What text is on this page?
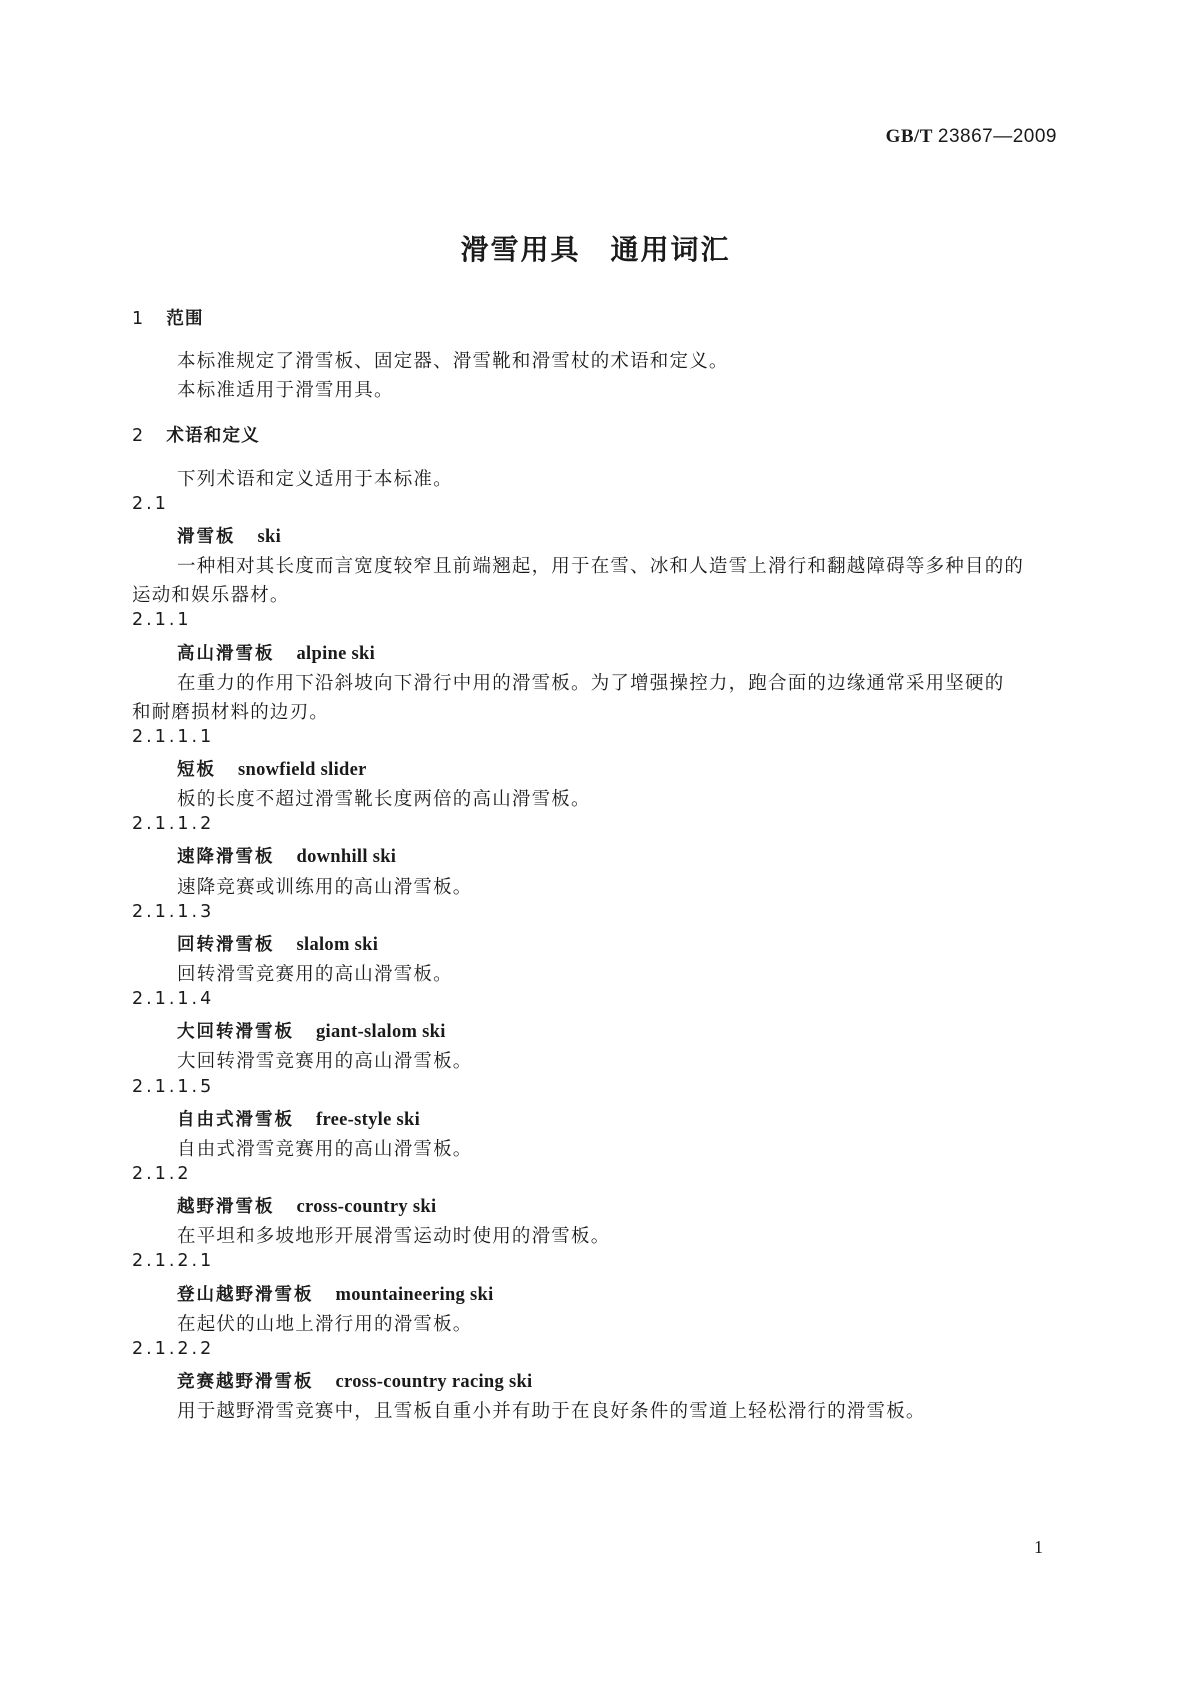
GB/T 23867—2009
滑雪用具　通用词汇
1 范围
本标准规定了滑雪板、固定器、滑雪靴和滑雪杖的术语和定义。
本标准适用于滑雪用具。
2 术语和定义
下列术语和定义适用于本标准。
2.1
滑雪板 ski
一种相对其长度而言宽度较窄且前端翘起，用于在雪、冰和人造雪上滑行和翻越障碍等多种目的的
运动和娱乐器材。
2.1.1
高山滑雪板 alpine ski
在重力的作用下沿斜坡向下滑行中用的滑雪板。为了增强操控力，跑合面的边缘通常采用坚硬的
和耐磨损材料的边刃。
2.1.1.1
短板 snowfield slider
板的长度不超过滑雪靴长度两倍的高山滑雪板。
2.1.1.2
速降滑雪板 downhill ski
速降竞赛或训练用的高山滑雪板。
2.1.1.3
回转滑雪板 slalom ski
回转滑雪竞赛用的高山滑雪板。
2.1.1.4
大回转滑雪板 giant-slalom ski
大回转滑雪竞赛用的高山滑雪板。
2.1.1.5
自由式滑雪板 free-style ski
自由式滑雪竞赛用的高山滑雪板。
2.1.2
越野滑雪板 cross-country ski
在平坦和多坡地形开展滑雪运动时使用的滑雪板。
2.1.2.1
登山越野滑雪板 mountaineering ski
在起伏的山地上滑行用的滑雪板。
2.1.2.2
竞赛越野滑雪板 cross-country racing ski
用于越野滑雪竞赛中，且雪板自重小并有助于在良好条件的雪道上轻松滑行的滑雪板。
1
